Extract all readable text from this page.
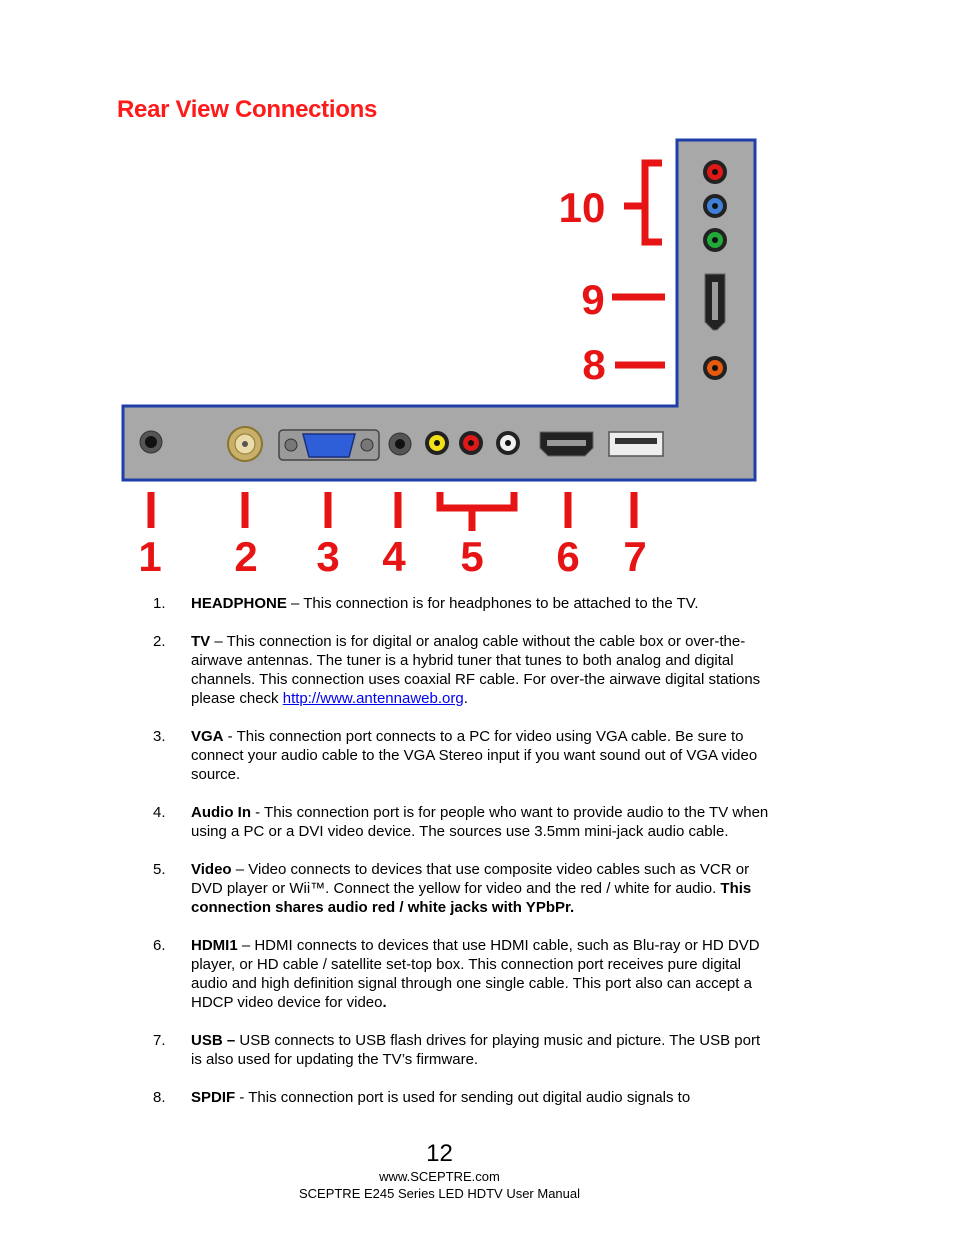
Rear View Connections
1 2 3 4 5 6 7
8
9
10
1. HEADPHONE – This connection is for headphones to be attached to the TV.
2. TV – This connection is for digital or analog cable without the cable box or over-the-airwave antennas. The tuner is a hybrid tuner that tunes to both analog and digital channels. This connection uses coaxial RF cable. For over-the airwave digital stations please check http://www.antennaweb.org.
3. VGA - This connection port connects to a PC for video using VGA cable. Be sure to connect your audio cable to the VGA Stereo input if you want sound out of VGA video source.
4. Audio In - This connection port is for people who want to provide audio to the TV when using a PC or a DVI video device. The sources use 3.5mm mini-jack audio cable.
5. Video – Video connects to devices that use composite video cables such as VCR or DVD player or Wii™. Connect the yellow for video and the red / white for audio. This connection shares audio red / white jacks with YPbPr.
6. HDMI1 – HDMI connects to devices that use HDMI cable, such as Blu-ray or HD DVD player, or HD cable / satellite set-top box. This connection port receives pure digital audio and high definition signal through one single cable. This port also can accept a HDCP video device for video.
7. USB – USB connects to USB flash drives for playing music and picture. The USB port is also used for updating the TV’s firmware.
8. SPDIF - This connection port is used for sending out digital audio signals to
12
www.SCEPTRE.com
SCEPTRE E245 Series LED HDTV User Manual
